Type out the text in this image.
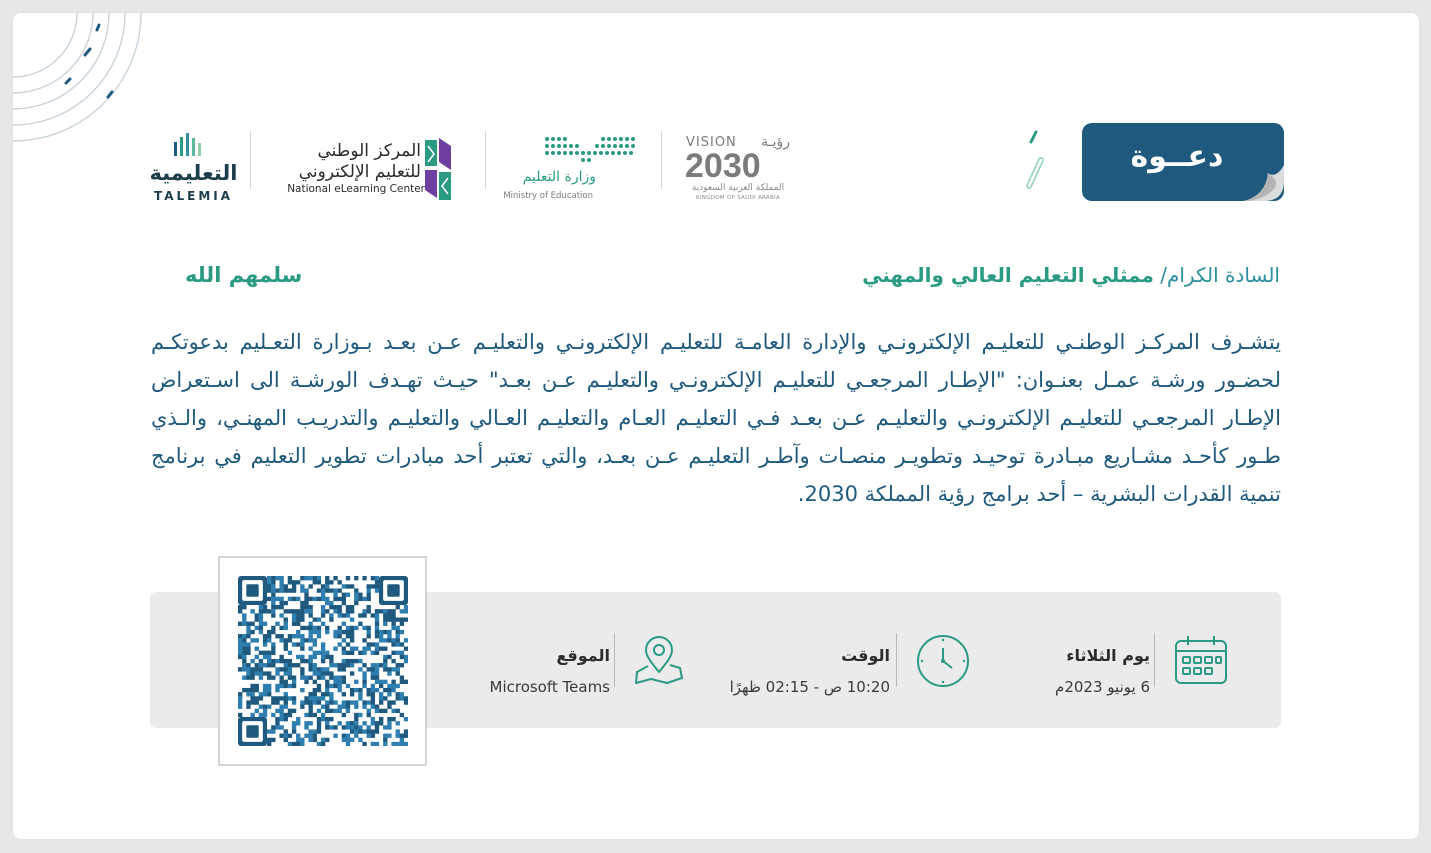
التعليمية
TALEMIA
المركز الوطني
للتعليم الإلكتروني
National eLearning Center
وزارة التعليم
Ministry of Education
VISION رؤيـة
2030
المملكة العربية السعودية
KINGDOM OF SAUDI ARABIA
دعــوة
السادة الكرام/ ممثلي التعليم العالي والمهني
سلمهم الله
يتشـرف المركـز الوطنـي للتعليـم الإلكترونـي والإدارة العامـة للتعليـم الإلكترونـي والتعليـم عـن بعـد بـوزارة التعـليم بدعوتكـم لحضـور ورشـة عمـل بعنـوان: "الإطـار المرجعـي للتعليـم الإلكترونـي والتعليـم عـن بعـد" حيـث تهـدف الورشـة الى اسـتعراض الإطـار المرجعـي للتعليـم الإلكترونـي والتعليـم عـن بعـد فـي التعليـم العـام والتعليـم العـالي والتعليـم والتدريـب المهنـي، والـذي طـور كأحـد مشـاريع مبـادرة توحيـد وتطويـر منصـات وآطـر التعليـم عـن بعـد، والتي تعتبر أحد مبادرات تطوير التعليم في برنامج تنمية القدرات البشرية – أحد برامج رؤية المملكة 2030.
يوم الثلاثاء
6 يونيو 2023م
الوقت
10:20 ص - 02:15 ظهرًا
الموقع
Microsoft Teams
